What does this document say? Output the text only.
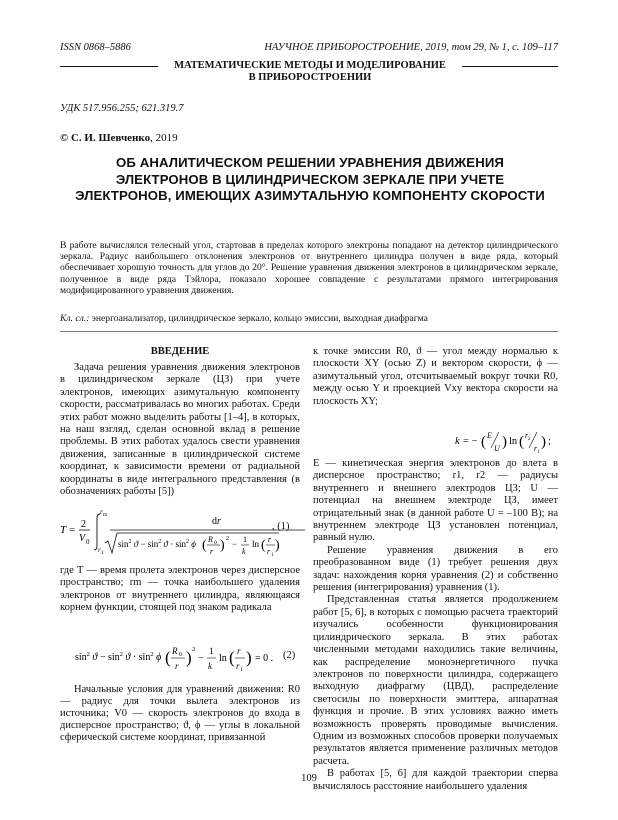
ISSN 0868–5886	НАУЧНОЕ ПРИБОРОСТРОЕНИЕ, 2019, том 29, № 1, с. 109–117
МАТЕМАТИЧЕСКИЕ МЕТОДЫ И МОДЕЛИРОВАНИЕ
В ПРИБОРОСТРОЕНИИ
УДК 517.956.255; 621.319.7
© С. И. Шевченко, 2019
ОБ АНАЛИТИЧЕСКОМ РЕШЕНИИ УРАВНЕНИЯ ДВИЖЕНИЯ ЭЛЕКТРОНОВ В ЦИЛИНДРИЧЕСКОМ ЗЕРКАЛЕ ПРИ УЧЕТЕ ЭЛЕКТРОНОВ, ИМЕЮЩИХ АЗИМУТАЛЬНУЮ КОМПОНЕНТУ СКОРОСТИ
В работе вычислялся телесный угол, стартовав в пределах которого электроны попадают на детектор цилиндрического зеркала. Радиус наибольшего отклонения электронов от внутреннего цилиндра получен в виде ряда, который обеспечивает хорошую точность для углов до 20°. Решение уравнения движения электронов в цилиндрическом зеркале, полученное в виде ряда Тэйлора, показало хорошее совпадение с результатами прямого интегрирования модифицированного уравнения движения.
Кл. сл.: энергоанализатор, цилиндрическое зеркало, кольцо эмиссии, выходная диафрагма
ВВЕДЕНИЕ

Задача решения уравнения движения электронов в цилиндрическом зеркале (ЦЗ) при учете электронов, имеющих азимутальную компоненту скорости, рассматривалась во многих работах. Среди этих работ можно выделить работы [1–4], в которых, на наш взгляд, сделан основной вклад в решение проблемы. В этих работах удалось свести уравнения движения, записанные в цилиндрической системе координат, к зависимости времени от радиальной координаты в виде интегрального представления (в обозначениях работы [5])

T = 2
V 0
r m
r 1
dr
$\sin^2 ϑ - \sin^2 ϑ \cdot \sin^2 \phi$ ( R 0
r ) 2 − 1
k
ln ( r
r 1
)
, (1)

где T — время пролета электронов через дисперсное пространство; rm — точка наибольшего удаления электронов от внутреннего цилиндра, являющаяся корнем функции, стоящей под знаком радикала

$\sin^2 ϑ - \sin^2 ϑ \cdot \sin^2 \phi$ ( R 0
r ) 2
−
1
k
ln ( r
r 1
) = 0 . (2)

Начальные условия для уравнений движения: R0 — радиус для точки вылета электронов из источника; V0 — скорость электронов до входа в дисперсное пространство; ϑ, ϕ — углы в локальной сферической системе координат, привязанной

к точке эмиссии R0, ϑ — угол между нормалью к плоскости XY (осью Z) и вектором скорости, ϕ — азимутальный угол, отсчитываемый вокруг точки R0, между осью Y и проекцией Vxy вектора скорости на плоскость XY;

k = − ( E
U ) ln ( r 2
r 1
) ;

E — кинетическая энергия электронов до влета в дисперсное пространство; r1, r2 — радиусы внутреннего и внешнего электродов ЦЗ; U — потенциал на внешнем электроде ЦЗ, имеет отрицательный знак (в данной работе U = –100 В); на внутреннем электроде ЦЗ установлен потенциал, равный нулю.

Решение уравнения движения в его преобразованном виде (1) требует решения двух задач: нахождения корня уравнения (2) и собственно решения (интегрирования) уравнения (1).

Представленная статья является продолжением работ [5, 6], в которых с помощью расчета траекторий изучались особенности функционирования цилиндрического зеркала. В этих работах численными методами находились такие величины, как распределение моноэнергетичного пучка электронов по поверхности цилиндра, содержащего выходную диафрагму (ЦВД), распределение светосилы по поверхности эмиттера, аппаратная функция и прочие. В этих условиях важно иметь возможность проверять проводимые вычисления. Одним из возможных способов проверки получаемых результатов является применение различных методов расчета.

В работах [5, 6] для каждой траектории сперва вычислялось расстояние наибольшего удаления

109
